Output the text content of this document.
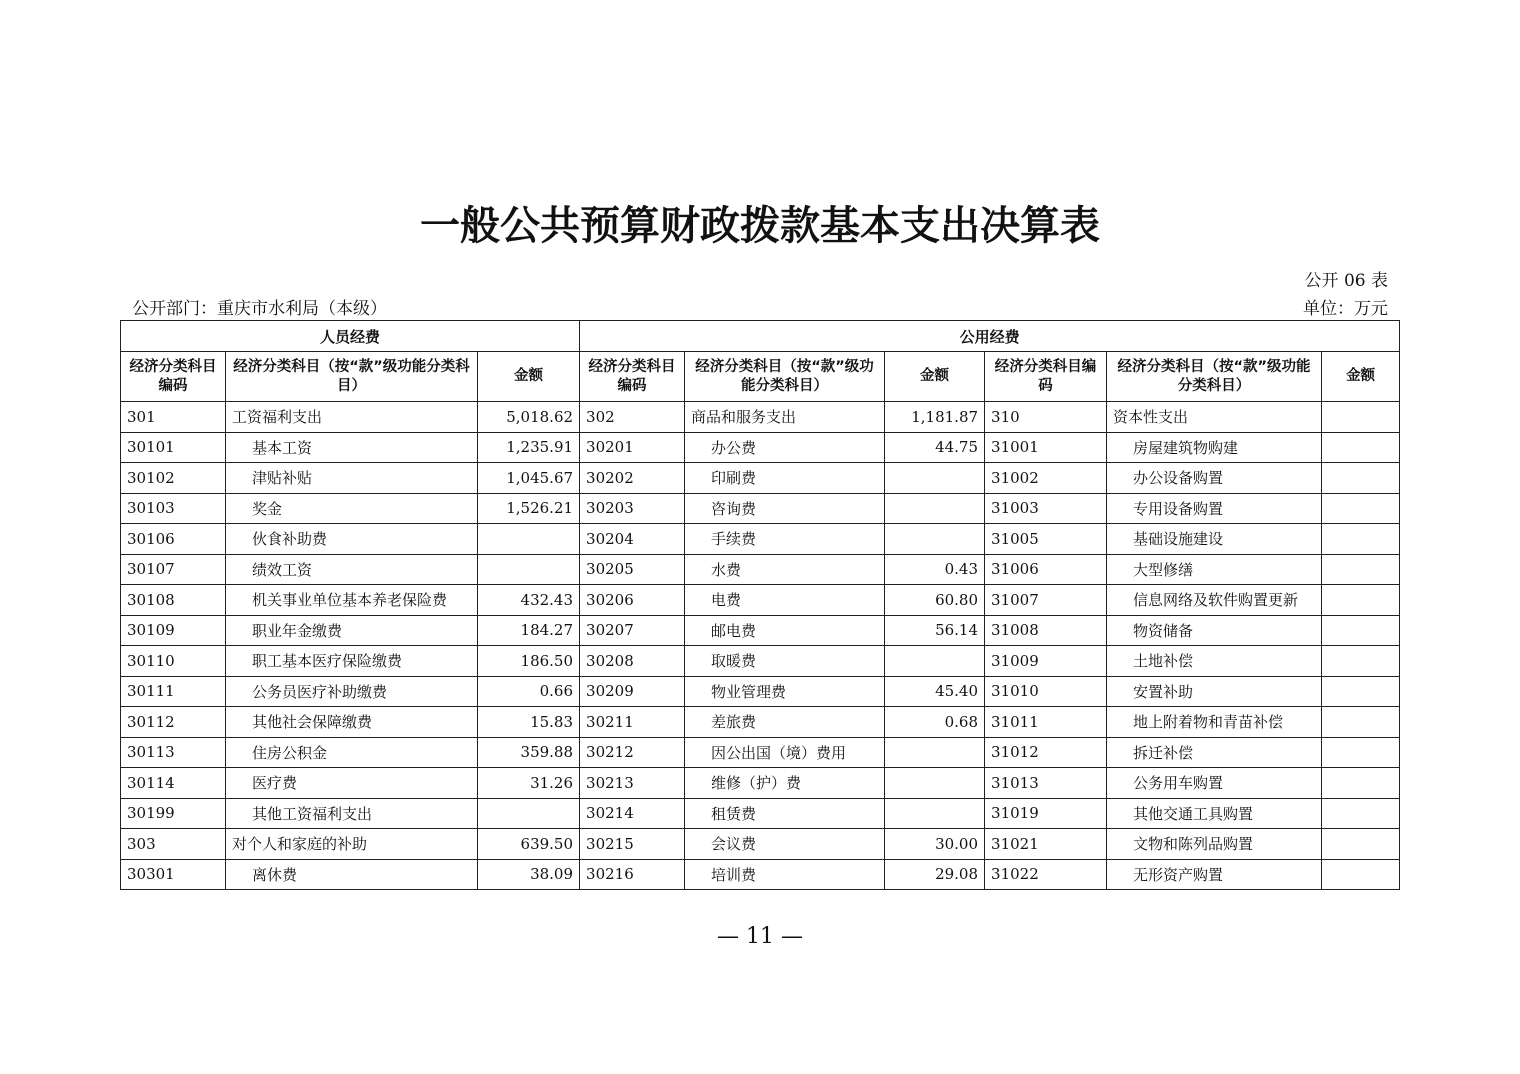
一般公共预算财政拨款基本支出决算表
公开 06 表
公开部门：重庆市水利局（本级）	单位：万元
人员经费			公用经费					
经济分类科目编码	经济分类科目（按“款”级功能分类科目）	金额	经济分类科目编码	经济分类科目（按“款”级功能分类科目）	金额	经济分类科目编码	经济分类科目（按“款”级功能分类科目）	金额
301	工资福利支出	5,018.62	302	商品和服务支出	1,181.87	310	资本性支出	
30101	基本工资	1,235.91	30201	办公费	44.75	31001	房屋建筑物购建	
30102	津贴补贴	1,045.67	30202	印刷费		31002	办公设备购置	
30103	奖金	1,526.21	30203	咨询费		31003	专用设备购置	
30106	伙食补助费		30204	手续费		31005	基础设施建设	
30107	绩效工资		30205	水费	0.43	31006	大型修缮	
30108	机关事业单位基本养老保险费	432.43	30206	电费	60.80	31007	信息网络及软件购置更新	
30109	职业年金缴费	184.27	30207	邮电费	56.14	31008	物资储备	
30110	职工基本医疗保险缴费	186.50	30208	取暖费		31009	土地补偿	
30111	公务员医疗补助缴费	0.66	30209	物业管理费	45.40	31010	安置补助	
30112	其他社会保障缴费	15.83	30211	差旅费	0.68	31011	地上附着物和青苗补偿	
30113	住房公积金	359.88	30212	因公出国（境）费用		31012	拆迁补偿	
30114	医疗费	31.26	30213	维修（护）费		31013	公务用车购置	
30199	其他工资福利支出		30214	租赁费		31019	其他交通工具购置	
303	对个人和家庭的补助	639.50	30215	会议费	30.00	31021	文物和陈列品购置	
30301	离休费	38.09	30216	培训费	29.08	31022	无形资产购置	
— 11 —
